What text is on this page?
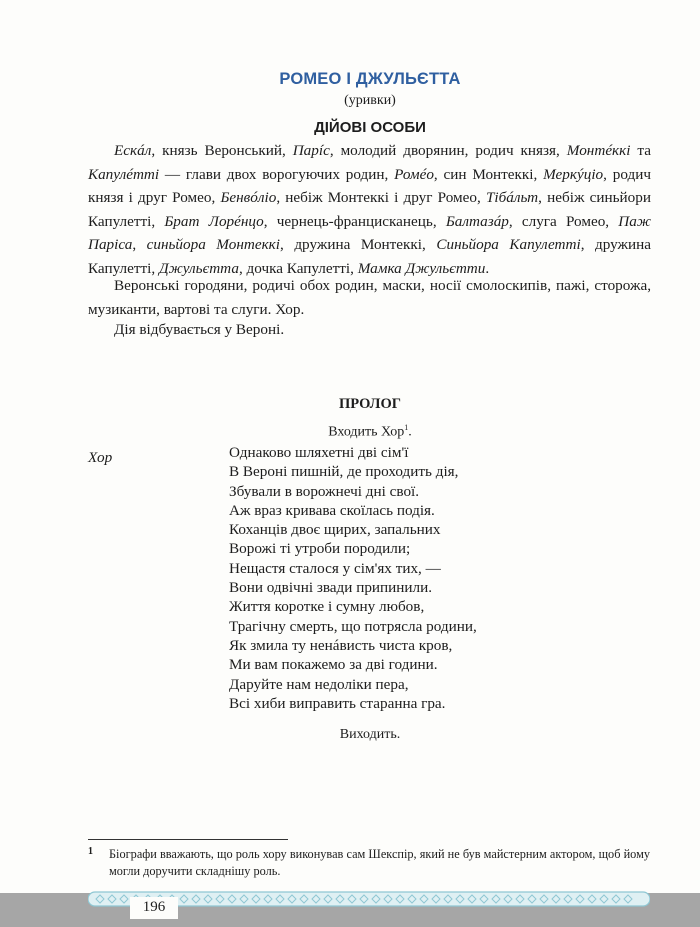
РОМЕО І ДЖУЛЬЄТТА
(уривки)
ДІЙОВІ ОСОБИ

Ескáл, князь Веронський, Парíс, молодий дворянин, родич князя, Монтéккі та Капулéтті — глави двох ворогуючих родин, Ромéо, син Монтеккі, Меркýціо, родич князя і друг Ромео, Бенвóліо, небіж Монтеккі і друг Ромео, Тібáльт, небіж синьйори Капулетті, Брат Лорéнцо, чернець-францисканець, Балтазáр, слуга Ромео, Паж Паріса, синьйора Монтеккі, дружина Монтеккі, Синьйора Капулетті, дружина Капулетті, Джульєтта, дочка Капулетті, Мамка Джульєтти.

Веронські городяни, родичі обох родин, маски, носії смолоскипів, пажі, сторожа, музиканти, вартові та слуги. Хор.

Дія відбувається у Вероні.
ПРОЛОГ
Входить Хор$^1$.
Хор	Однаково шляхетні дві сім'ї
В Вероні пишній, де проходить дія,
Збували в ворожнечі дні свої.
Аж враз кривава скоїлась подія.
Коханців двоє щирих, запальних
Ворожі ті утроби породили;
Нещастя сталося у сім'ях тих, —
Вони одвічні звади припинили.
Життя коротке і сумну любов,
Трагічну смерть, що потрясла родини,
Як змила ту ненáвисть чиста кров,
Ми вам покажемо за дві години.
Даруйте нам недоліки пера,
Всі хиби виправить старанна гра.
Виходить.
1 Біографи вважають, що роль хору виконував сам Шекспір, який не був майстерним актором, щоб йому могли доручити складнішу роль.
196
